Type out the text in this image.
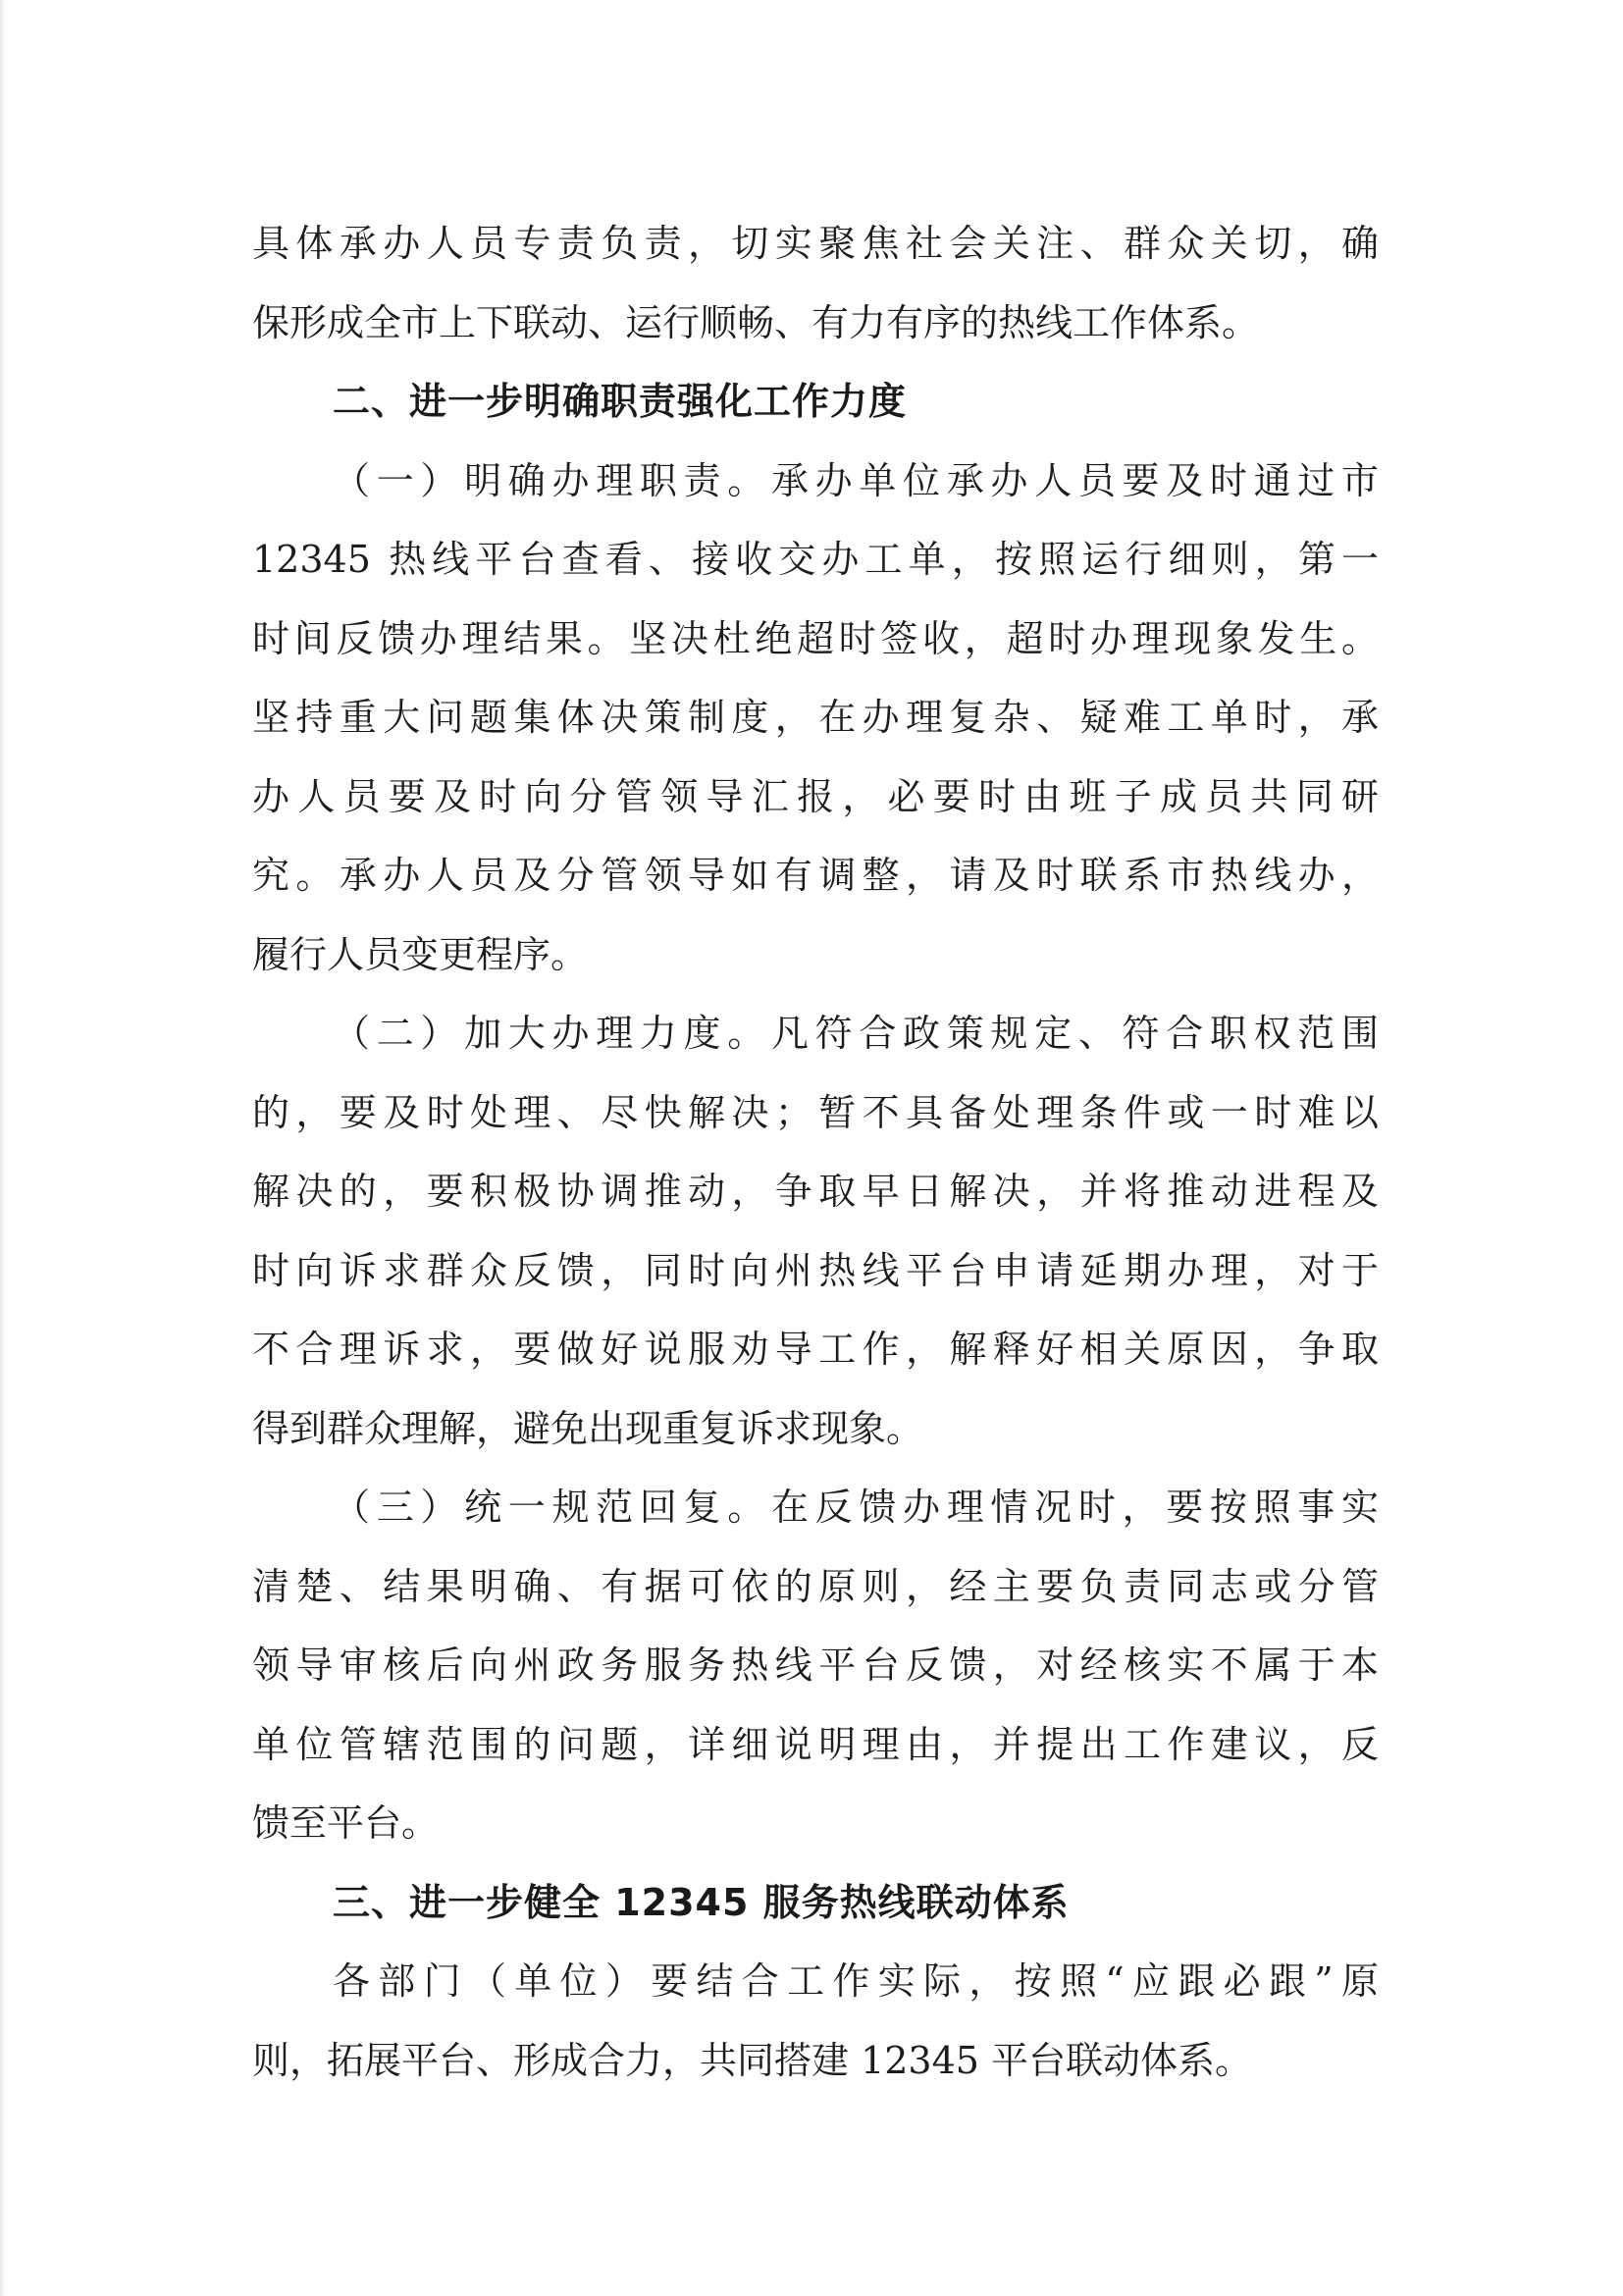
具体承办人员专责负责，切实聚焦社会关注、群众关切，确
保形成全市上下联动、运行顺畅、有力有序的热线工作体系。
二、进一步明确职责强化工作力度
（一）明确办理职责。承办单位承办人员要及时通过市
12345 热线平台查看、接收交办工单，按照运行细则，第一
时间反馈办理结果。坚决杜绝超时签收，超时办理现象发生。
坚持重大问题集体决策制度，在办理复杂、疑难工单时，承
办人员要及时向分管领导汇报，必要时由班子成员共同研
究。承办人员及分管领导如有调整，请及时联系市热线办，
履行人员变更程序。
（二）加大办理力度。凡符合政策规定、符合职权范围
的，要及时处理、尽快解决；暂不具备处理条件或一时难以
解决的，要积极协调推动，争取早日解决，并将推动进程及
时向诉求群众反馈，同时向州热线平台申请延期办理，对于
不合理诉求，要做好说服劝导工作，解释好相关原因，争取
得到群众理解，避免出现重复诉求现象。
（三）统一规范回复。在反馈办理情况时，要按照事实
清楚、结果明确、有据可依的原则，经主要负责同志或分管
领导审核后向州政务服务热线平台反馈，对经核实不属于本
单位管辖范围的问题，详细说明理由，并提出工作建议，反
馈至平台。
三、进一步健全 12345 服务热线联动体系
各部门（单位）要结合工作实际，按照“应跟必跟”原
则，拓展平台、形成合力，共同搭建 12345 平台联动体系。
